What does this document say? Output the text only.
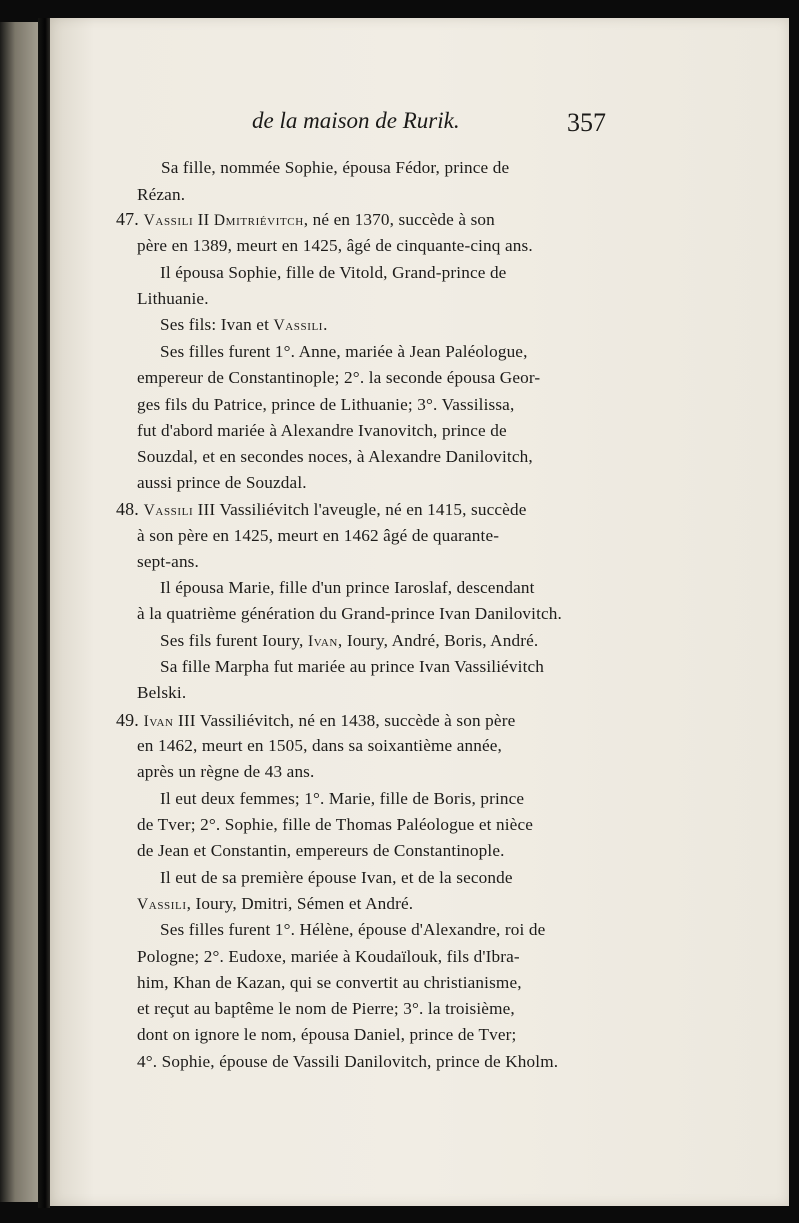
de la maison de Rurik.	357
Sa fille, nommée Sophie, épousa Fédor, prince de
Rézan.
47. Vassili II Dmitriévitch, né en 1370, succède à son
père en 1389, meurt en 1425, âgé de cinquante-cinq ans.
Il épousa Sophie, fille de Vitold, Grand-prince de
Lithuanie.
Ses fils: Ivan et Vassili.
Ses filles furent 1°. Anne, mariée à Jean Paléologue,
empereur de Constantinople; 2°. la seconde épousa Geor-
ges fils du Patrice, prince de Lithuanie; 3°. Vassilissa,
fut d'abord mariée à Alexandre Ivanovitch, prince de
Souzdal, et en secondes noces, à Alexandre Danilovitch,
aussi prince de Souzdal.
48. Vassili III Vassiliévitch l'aveugle, né en 1415, succède
à son père en 1425, meurt en 1462 âgé de quarante-
sept-ans.
Il épousa Marie, fille d'un prince Iaroslaf, descendant
à la quatrième génération du Grand-prince Ivan Danilovitch.
Ses fils furent Ioury, Ivan, Ioury, André, Boris, André.
Sa fille Marpha fut mariée au prince Ivan Vassiliévitch
Belski.
49. Ivan III Vassiliévitch, né en 1438, succède à son père
en 1462, meurt en 1505, dans sa soixantième année,
après un règne de 43 ans.
Il eut deux femmes; 1°. Marie, fille de Boris, prince
de Tver; 2°. Sophie, fille de Thomas Paléologue et nièce
de Jean et Constantin, empereurs de Constantinople.
Il eut de sa première épouse Ivan, et de la seconde
Vassili, Ioury, Dmitri, Sémen et André.
Ses filles furent 1°. Hélène, épouse d'Alexandre, roi de
Pologne; 2°. Eudoxe, mariée à Koudaïlouk, fils d'Ibra-
him, Khan de Kazan, qui se convertit au christianisme,
et reçut au baptême le nom de Pierre; 3°. la troisième,
dont on ignore le nom, épousa Daniel, prince de Tver;
4°. Sophie, épouse de Vassili Danilovitch, prince de Kholm.
